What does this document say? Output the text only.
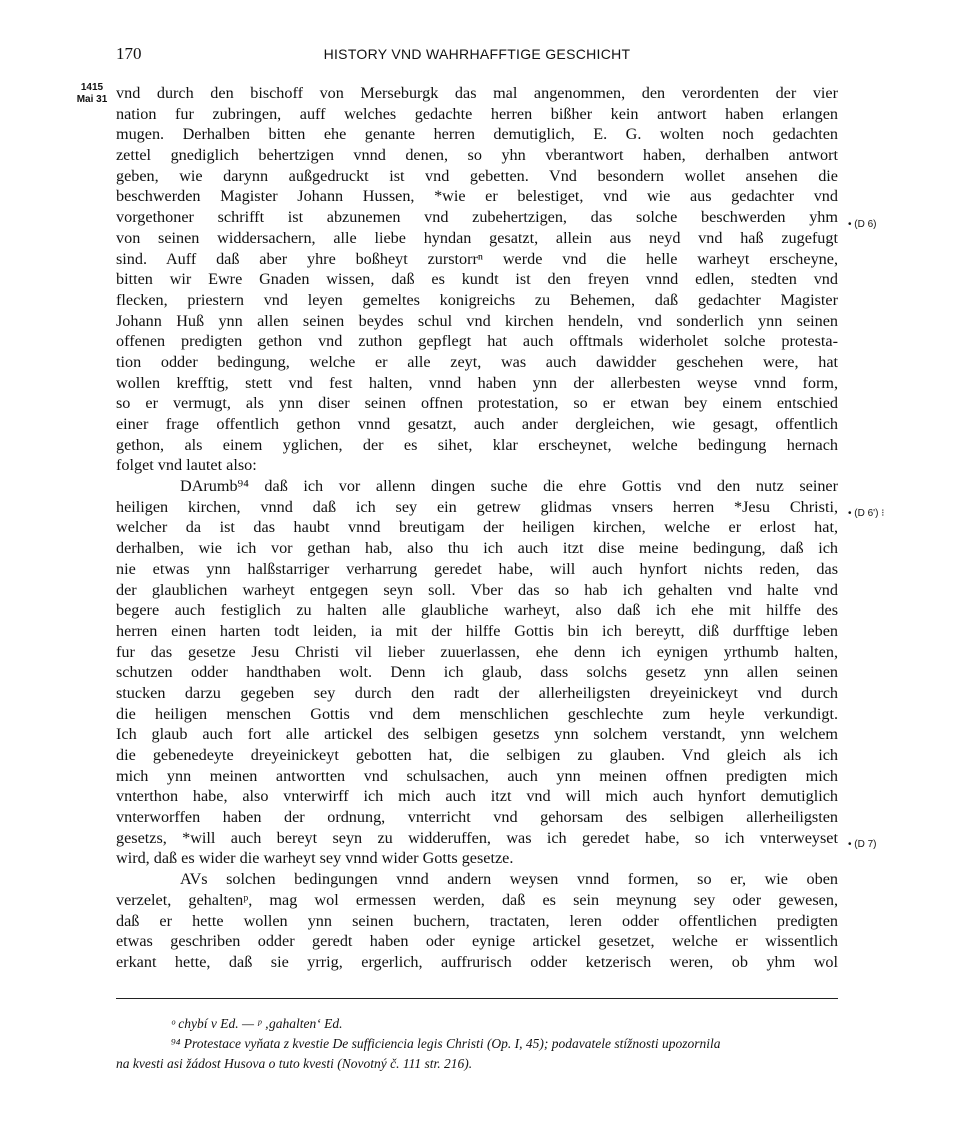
170	HISTORY VND WAHRHAFFTIGE GESCHICHT
1415
Mai 31
• (D 6)
• (D 6') ⁝
• (D 7)
vnd durch den bischoff von Merseburgk das mal angenommen, den verordenten der vier
nation fur zubringen, auff welches gedachte herren bißher kein antwort haben erlangen
mugen. Derhalben bitten ehe genante herren demutiglich, E. G. wolten noch gedachten
zettel gnediglich behertzigen vnnd denen, so yhn vberantwort haben, derhalben antwort
geben, wie darynn außgedruckt ist vnd gebetten. Vnd besondern wollet ansehen die
beschwerden Magister Johann Hussen, *wie er belestiget, vnd wie aus gedachter vnd
vorgethoner schrifft ist abzunemen vnd zubehertzigen, das solche beschwerden yhm
von seinen widdersachern, alle liebe hyndan gesatzt, allein aus neyd vnd haß zugefugt
sind. Auff daß aber yhre boßheyt zurstorrⁿ werde vnd die helle warheyt erscheyne,
bitten wir Ewre Gnaden wissen, daß es kundt ist den freyen vnnd edlen, stedten vnd
flecken, priestern vnd leyen gemeltes konigreichs zu Behemen, daß gedachter Magister
Johann Huß ynn allen seinen beydes schul vnd kirchen hendeln, vnd sonderlich ynn seinen
offenen predigten gethon vnd zuthon gepflegt hat auch offtmals widerholet solche protesta-
tion odder bedingung, welche er alle zeyt, was auch dawidder geschehen were, hat
wollen krefftig, stett vnd fest halten, vnnd haben ynn der allerbesten weyse vnnd form,
so er vermugt, als ynn diser seinen offnen protestation, so er etwan bey einem entschied
einer frage offentlich gethon vnnd gesatzt, auch ander dergleichen, wie gesagt, offentlich
gethon, als einem yglichen, der es sihet, klar erscheynet, welche bedingung hernach
folget vnd lautet also:
DArumb⁹⁴ daß ich vor allenn dingen suche die ehre Gottis vnd den nutz seiner
heiligen kirchen, vnnd daß ich sey ein getrew glidmas vnsers herren *Jesu Christi,
welcher da ist das haubt vnnd breutigam der heiligen kirchen, welche er erlost hat,
derhalben, wie ich vor gethan hab, also thu ich auch itzt dise meine bedingung, daß ich
nie etwas ynn halßstarriger verharrung geredet habe, will auch hynfort nichts reden, das
der glaublichen warheyt entgegen seyn soll. Vber das so hab ich gehalten vnd halte vnd
begere auch festiglich zu halten alle glaubliche warheyt, also daß ich ehe mit hilffe des
herren einen harten todt leiden, ia mit der hilffe Gottis bin ich bereytt, diß durfftige leben
fur das gesetze Jesu Christi vil lieber zuuerlassen, ehe denn ich eynigen yrthumb halten,
schutzen odder handthaben wolt. Denn ich glaub, dass solchs gesetz ynn allen seinen
stucken darzu gegeben sey durch den radt der allerheiligsten dreyeinickeyt vnd durch
die heiligen menschen Gottis vnd dem menschlichen geschlechte zum heyle verkundigt.
Ich glaub auch fort alle artickel des selbigen gesetzs ynn solchem verstandt, ynn welchem
die gebenedeyte dreyeinickeyt gebotten hat, die selbigen zu glauben. Vnd gleich als ich
mich ynn meinen antwortten vnd schulsachen, auch ynn meinen offnen predigten mich
vnterthon habe, also vnterwirff ich mich auch itzt vnd will mich auch hynfort demutiglich
vnterworffen haben der ordnung, vnterricht vnd gehorsam des selbigen allerheiligsten
gesetzs, *will auch bereyt seyn zu widderuffen, was ich geredet habe, so ich vnterweyset
wird, daß es wider die warheyt sey vnnd wider Gotts gesetze.
AVs solchen bedingungen vnnd andern weysen vnnd formen, so er, wie oben
verzelet, gehaltenᵖ, mag wol ermessen werden, daß es sein meynung sey oder gewesen,
daß er hette wollen ynn seinen buchern, tractaten, leren odder offentlichen predigten
etwas geschriben odder geredt haben oder eynige artickel gesetzet, welche er wissentlich
erkant hette, daß sie yrrig, ergerlich, auffrurisch odder ketzerisch weren, ob yhm wol
ᵒ chybí v Ed. — ᵖ ‚gahalten‘ Ed.
⁹⁴ Protestace vyňata z kvestie De sufficiencia legis Christi (Op. I, 45); podavatele stížnosti upozornila
na kvesti asi žádost Husova o tuto kvesti (Novotný č. 111 str. 216).
